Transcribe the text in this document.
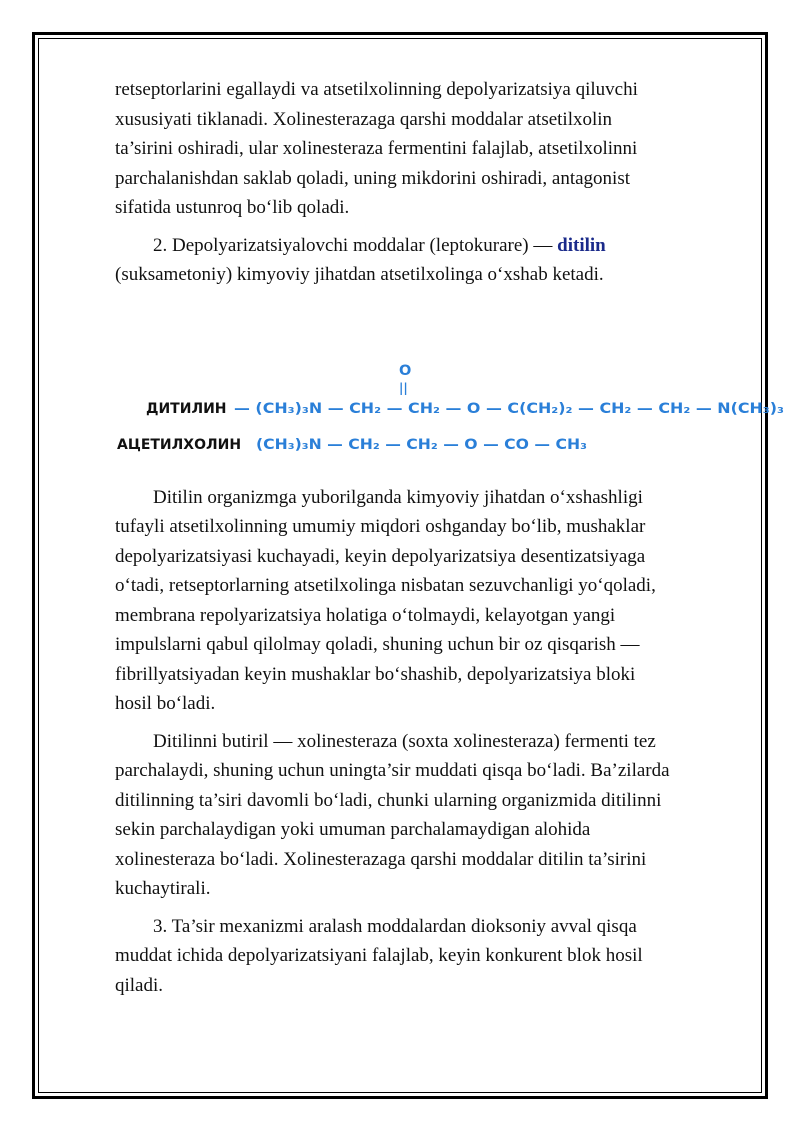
retseptorlarini egallaydi va atsetilxolinning depolyarizatsiya qiluvchi
xususiyati tiklanadi. Xolinesterazaga qarshi moddalar atsetilxolin
ta’sirini oshiradi, ular xolinesteraza fermentini falajlab, atsetilxolinni
parchalanishdan saklab qoladi, uning mikdorini oshiradi, antagonist
sifatida ustunroq bo‘lib qoladi.
2. Depolyarizatsiyalovchi moddalar (leptokurare) — ditilin
(suksametoniy) kimyoviy jihatdan atsetilxolinga o‘xshab ketadi.
Ditilin organizmga yuborilganda kimyoviy jihatdan o‘xshashligi
tufayli atsetilxolinning umumiy miqdori oshganday bo‘lib, mushaklar
depolyarizatsiyasi kuchayadi, keyin depolyarizatsiya desentizatsiyaga
o‘tadi, retseptorlarning atsetilxolinga nisbatan sezuvchanligi yo‘qoladi,
membrana repolyarizatsiya holatiga o‘tolmaydi, kelayotgan yangi
impulslarni qabul qilolmay qoladi, shuning uchun bir oz qisqarish —
fibrillyatsiyadan keyin mushaklar bo‘shashib, depolyarizatsiya bloki
hosil bo‘ladi.
Ditilinni butiril — xolinesteraza (soxta xolinesteraza) fermenti tez
parchalaydi, shuning uchun uningta’sir muddati qisqa bo‘ladi. Ba’zilarda
ditilinning ta’siri davomli bo‘ladi, chunki ularning organizmida ditilinni
sekin parchalaydigan yoki umuman parchalamaydigan alohida
xolinesteraza bo‘ladi. Xolinesterazaga qarshi moddalar ditilin ta’sirini
kuchaytirali.
3. Ta’sir mexanizmi aralash moddalardan dioksoniy avval qisqa
muddat ichida depolyarizatsiyani falajlab, keyin konkurent blok hosil
qiladi.
O
||
ДИТИЛИН — (CH₃)₃N — CH₂ — CH₂ — O — C(CH₂)₂ — CH₂ — CH₂ — N(CH₃)₃
АЦЕТИЛХОЛИН (CH₃)₃N — CH₂ — CH₂ — O — CO — CH₃
